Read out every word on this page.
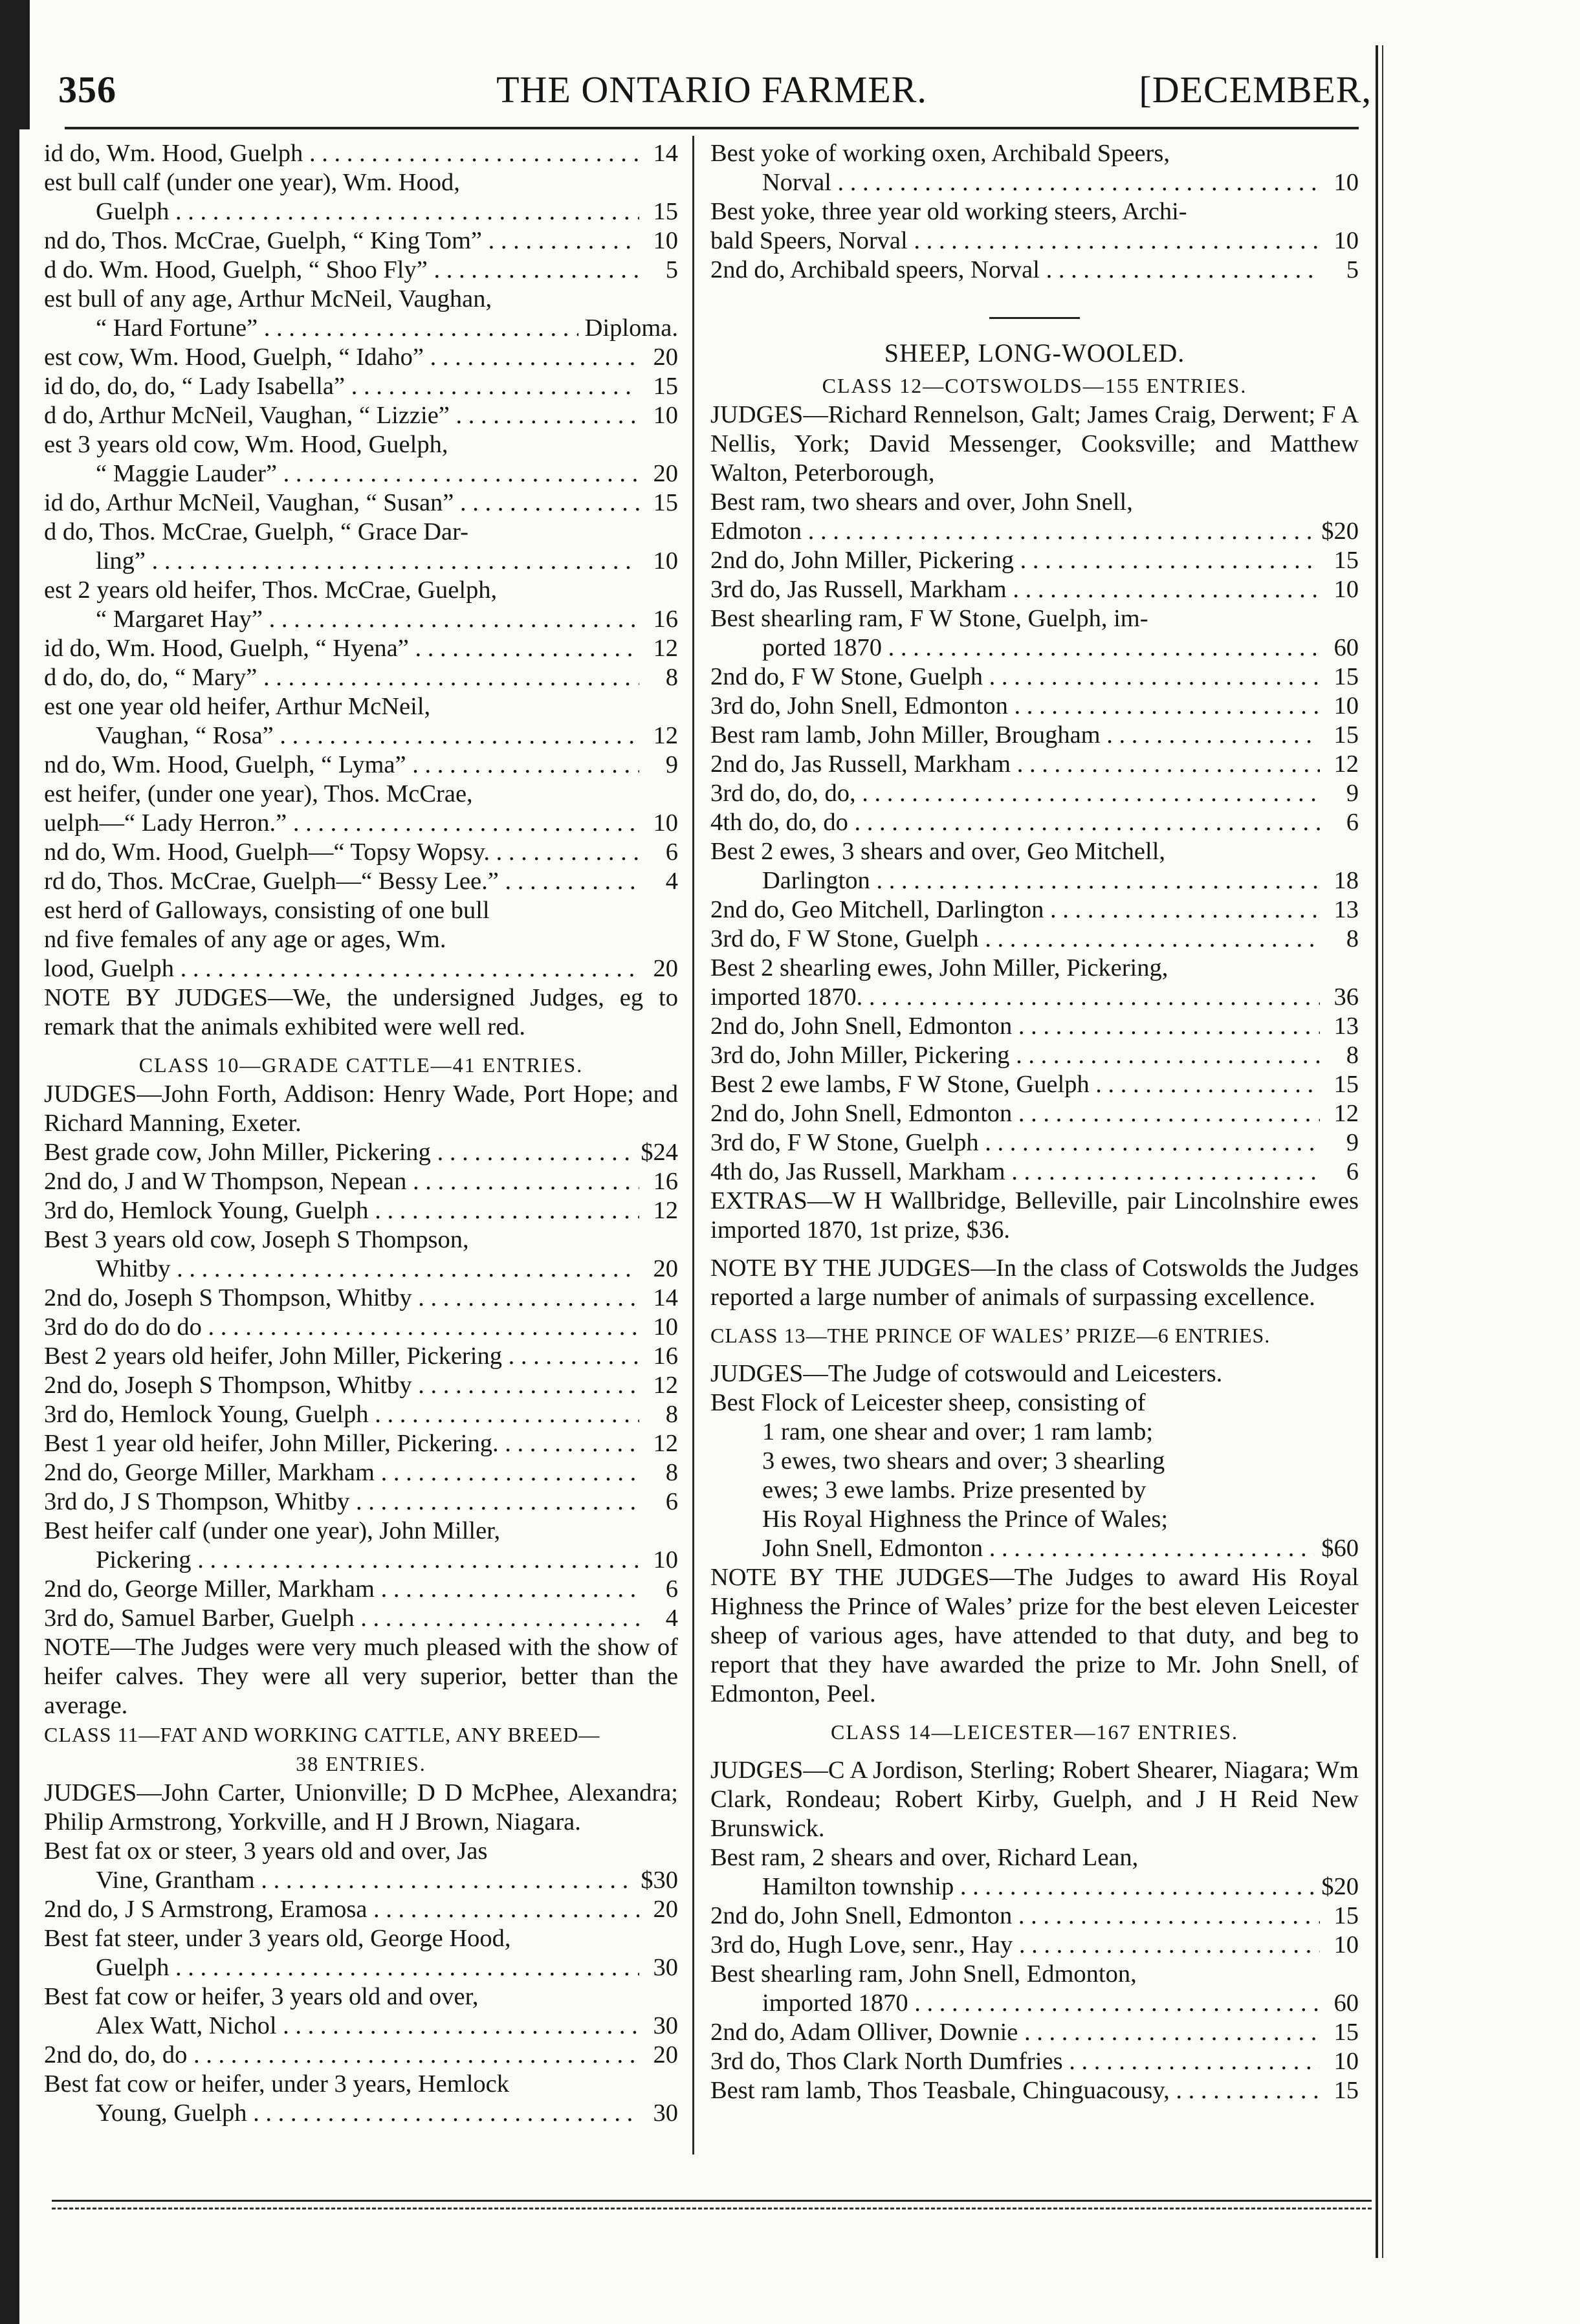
356	THE ONTARIO FARMER.	[DECEMBER,
id do, Wm. Hood, Guelph . . .	14
est bull calf (under one year), Wm. Hood,
Guelph . . .	15
nd do, Thos. McCrae, Guelph, “ King Tom” . . .	10
d do. Wm. Hood, Guelph, “ Shoo Fly” . . .	5
est bull of any age, Arthur McNeil, Vaughan,
“ Hard Fortune” . . .	Diploma.
est cow, Wm. Hood, Guelph, “ Idaho” . . .	20
id do, do, do, “ Lady Isabella” . . .	15
d do, Arthur McNeil, Vaughan, “ Lizzie” . . .	10
est 3 years old cow, Wm. Hood, Guelph,
“ Maggie Lauder” . . .	20
id do, Arthur McNeil, Vaughan, “ Susan” . . .	15
d do, Thos. McCrae, Guelph, “ Grace Dar-
ling” . . .	10
est 2 years old heifer, Thos. McCrae, Guelph,
“ Margaret Hay” . . .	16
id do, Wm. Hood, Guelph, “ Hyena” . . .	12
d do, do, do, “ Mary” . . .	8
est one year old heifer, Arthur McNeil,
Vaughan, “ Rosa” . . .	12
nd do, Wm. Hood, Guelph, “ Lyma” . . .	9
est heifer, (under one year), Thos. McCrae,
uelph—“ Lady Herron.” . . .	10
nd do, Wm. Hood, Guelph—“ Topsy Wopsy. . . .	6
rd do, Thos. McCrae, Guelph—“ Bessy Lee.” . . .	4
est herd of Galloways, consisting of one bull
nd five females of any age or ages, Wm.
lood, Guelph . . .	20
NOTE BY JUDGES—We, the undersigned Judges, eg to remark that the animals exhibited were well red.
CLASS 10—GRADE CATTLE—41 ENTRIES.
JUDGES—John Forth, Addison: Henry Wade, Port Hope; and Richard Manning, Exeter.
Best grade cow, John Miller, Pickering . . .	$24
2nd do, J and W Thompson, Nepean . . .	16
3rd do, Hemlock Young, Guelph . . .	12
Best 3 years old cow, Joseph S Thompson,
Whitby . . .	20
2nd do, Joseph S Thompson, Whitby . . .	14
3rd do do do do . . .	10
Best 2 years old heifer, John Miller, Pickering . . .	16
2nd do, Joseph S Thompson, Whitby . . .	12
3rd do, Hemlock Young, Guelph . . .	8
Best 1 year old heifer, John Miller, Pickering. . . .	12
2nd do, George Miller, Markham . . .	8
3rd do, J S Thompson, Whitby . . .	6
Best heifer calf (under one year), John Miller,
Pickering . . .	10
2nd do, George Miller, Markham . . .	6
3rd do, Samuel Barber, Guelph . . .	4
NOTE—The Judges were very much pleased with the show of heifer calves. They were all very superior, better than the average.
CLASS 11—FAT AND WORKING CATTLE, ANY BREED—
38 ENTRIES.
JUDGES—John Carter, Unionville; D D McPhee, Alexandra; Philip Armstrong, Yorkville, and H J Brown, Niagara.
Best fat ox or steer, 3 years old and over, Jas
Vine, Grantham . . .	$30
2nd do, J S Armstrong, Eramosa . . .	20
Best fat steer, under 3 years old, George Hood,
Guelph . . .	30
Best fat cow or heifer, 3 years old and over,
Alex Watt, Nichol . . .	30
2nd do, do, do . . .	20
Best fat cow or heifer, under 3 years, Hemlock
Young, Guelph . . .	30
Best yoke of working oxen, Archibald Speers,
Norval . . .	10
Best yoke, three year old working steers, Archi-
bald Speers, Norval . . .	10
2nd do, Archibald speers, Norval . . .	5
SHEEP, LONG-WOOLED.
CLASS 12—COTSWOLDS—155 ENTRIES.
JUDGES—Richard Rennelson, Galt; James Craig, Derwent; F A Nellis, York; David Messenger, Cooksville; and Matthew Walton, Peterborough,
Best ram, two shears and over, John Snell,
Edmoton . . .	$20
2nd do, John Miller, Pickering . . .	15
3rd do, Jas Russell, Markham . . .	10
Best shearling ram, F W Stone, Guelph, im-
ported 1870 . . .	60
2nd do, F W Stone, Guelph . . .	15
3rd do, John Snell, Edmonton . . .	10
Best ram lamb, John Miller, Brougham . . .	15
2nd do, Jas Russell, Markham . . .	12
3rd do, do, do, . . .	9
4th do, do, do . . .	6
Best 2 ewes, 3 shears and over, Geo Mitchell,
Darlington . . .	18
2nd do, Geo Mitchell, Darlington . . .	13
3rd do, F W Stone, Guelph . . .	8
Best 2 shearling ewes, John Miller, Pickering,
imported 1870. . . .	36
2nd do, John Snell, Edmonton . . .	13
3rd do, John Miller, Pickering . . .	8
Best 2 ewe lambs, F W Stone, Guelph . . .	15
2nd do, John Snell, Edmonton . . .	12
3rd do, F W Stone, Guelph . . .	9
4th do, Jas Russell, Markham . . .	6
EXTRAS—W H Wallbridge, Belleville, pair Lincolnshire ewes imported 1870, 1st prize, $36.
NOTE BY THE JUDGES—In the class of Cotswolds the Judges reported a large number of animals of surpassing excellence.
CLASS 13—THE PRINCE OF WALES’ PRIZE—6 ENTRIES.
JUDGES—The Judge of cotswould and Leicesters.
Best Flock of Leicester sheep, consisting of
1 ram, one shear and over; 1 ram lamb;
3 ewes, two shears and over; 3 shearling
ewes; 3 ewe lambs. Prize presented by
His Royal Highness the Prince of Wales;
John Snell, Edmonton . . .	$60
NOTE BY THE JUDGES—The Judges to award His Royal Highness the Prince of Wales’ prize for the best eleven Leicester sheep of various ages, have attended to that duty, and beg to report that they have awarded the prize to Mr. John Snell, of Edmonton, Peel.
CLASS 14—LEICESTER—167 ENTRIES.
JUDGES—C A Jordison, Sterling; Robert Shearer, Niagara; Wm Clark, Rondeau; Robert Kirby, Guelph, and J H Reid New Brunswick.
Best ram, 2 shears and over, Richard Lean,
Hamilton township . . .	$20
2nd do, John Snell, Edmonton . . .	15
3rd do, Hugh Love, senr., Hay . . .	10
Best shearling ram, John Snell, Edmonton,
imported 1870 . . .	60
2nd do, Adam Olliver, Downie . . .	15
3rd do, Thos Clark North Dumfries . . .	10
Best ram lamb, Thos Teasbale, Chinguacousy, . . .	15
